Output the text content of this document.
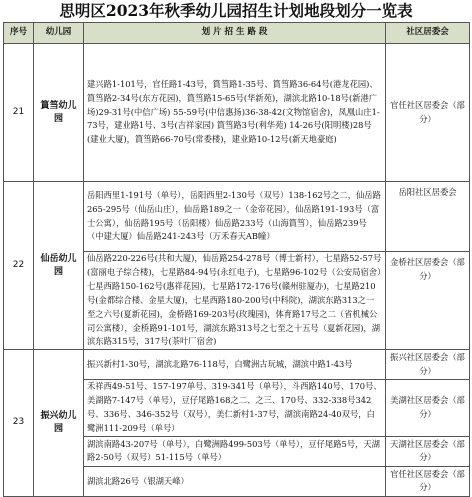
思明区2023年秋季幼儿园招生计划地段划分一览表
序号	幼儿园	划 片 招 生 路 段	社区居委会
21	篔筜幼儿园	建兴路1-101号，官任路1-43号，篔筜路1-35号、篔筜路36-64号(港龙花园)、篔筜路2-34号(东方花园)，篔筜路15-65号(华新苑)，湖滨北路10-18号(新港广场)29-31号(中信广场) 55-59号(中信惠扬)36-38-42(文物馆宿舍)，凤凰山庄1-73号，建业路1号、3号(吉祥家园) 篔筜路3号(利华苑) 14-26号(阳明楼)28号(建业大厦)，篔筜路66-70号(常委楼)，建业路10-12号(新天地豪庭)	官任社区居委会（部分）
22	仙岳幼儿园	岳阳西里1-191号（单号），岳阳西里2-130号（双号）138-162号之二，仙岳路265-295号（仙岳山庄），仙岳路189之一（金帝花园），仙岳路191-193号（富士公寓），仙岳路195号（岳阳楼）仙岳路233号（山海篔筜），仙岳路239号（中建大厦）仙岳路241-243号（万禾春天AB幢）	岳阳社区居委会
		仙岳路220-226号(共和大厦)，仙岳路254-278号（博士新村），七星路52-57号(富丽电子综合楼)，七星路84-94号(永红电子)，七星路96-102号（公安局宿舍）七星西路150-162号(惠祥花园)，七星路172-176号(赣州驻厦办)，七星路210号(金都综合楼、金星大厦)，七星西路180-200号(中科院)，湖滨东路313之一至之六号(夏新花园)，金桥路169-203号(玫瑰园)，体育路17号之二（省机械公司公寓楼），金桥路91-101号，湖滨东路313号之七至之十五号（夏新花园)，湖滨东路315号，317号(茶叶厂宿舍)	金桥社区居委会（部分）
23	振兴幼儿园	振兴新村1-30号，湖滨北路76-118号，白鹭洲古玩城，湖滨中路1-43号	振兴社区居委会（部分）
		禾祥西49-51号、157-197单号、319-341号（单号），斗西路140号、170号、美湖路7-147号（单号），豆仔尾路168之二、之三、170号、332-338号342号、336号、346-352号（双号），美仁新村1-37号，湖滨南路24-40双号，白鹭洲111-209号（单号）	美湖社区居委会（部分）
		湖滨南路43-207号（单号），白鹭洲路499-503号（单号），豆仔尾路5号，天湖路2-50号（双号）51-115号（单号）	天湖社区居委会（部分）
		湖滨北路26号（银湖天峰）	官任社区居委会（部分）
